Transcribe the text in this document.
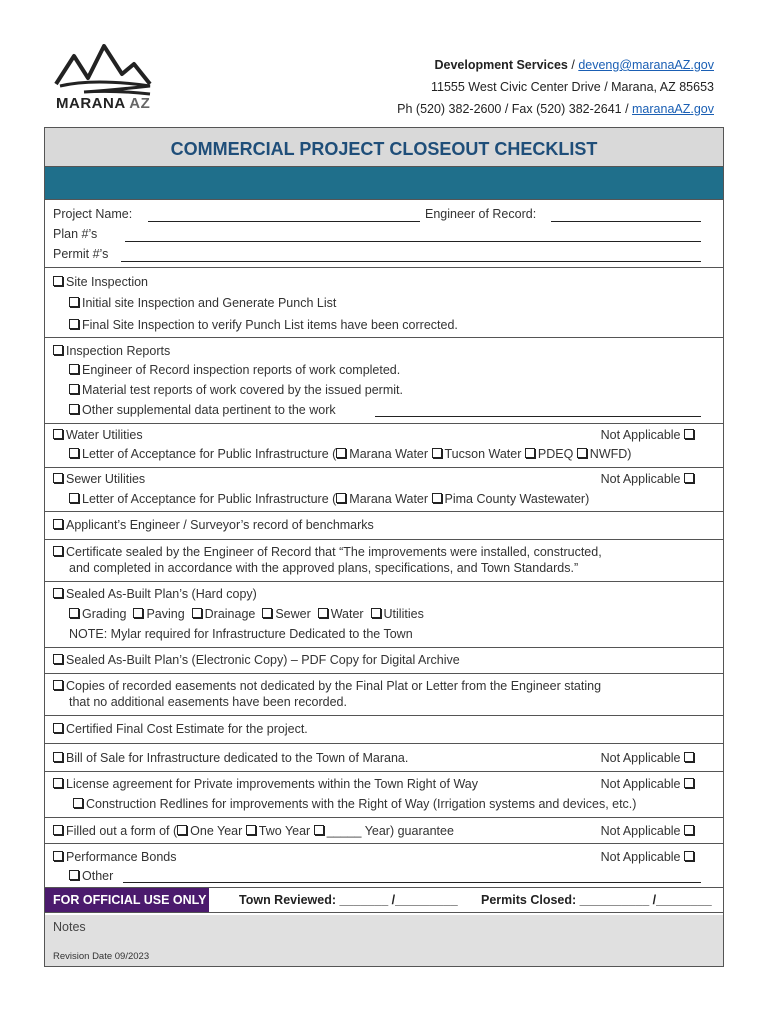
MARANA AZ
Development Services / deveng@maranaAZ.gov
11555 West Civic Center Drive / Marana, AZ 85653
Ph (520) 382-2600 / Fax (520) 382-2641 / maranaAZ.gov
COMMERCIAL PROJECT CLOSEOUT CHECKLIST
Project Name:	Engineer of Record:
Plan #’s
Permit #’s
Site Inspection
Initial site Inspection and Generate Punch List
Final Site Inspection to verify Punch List items have been corrected.
Inspection Reports
Engineer of Record inspection reports of work completed.
Material test reports of work covered by the issued permit.
Other supplemental data pertinent to the work
Water Utilities	Not Applicable
Letter of Acceptance for Public Infrastructure ( Marana Water Tucson Water PDEQ NWFD)
Sewer Utilities	Not Applicable
Letter of Acceptance for Public Infrastructure ( Marana Water Pima County Wastewater)
Applicant’s Engineer / Surveyor’s record of benchmarks
Certificate sealed by the Engineer of Record that “The improvements were installed, constructed,
and completed in accordance with the approved plans, specifications, and Town Standards.”
Sealed As-Built Plan’s (Hard copy)
Grading Paving Drainage Sewer Water Utilities
NOTE: Mylar required for Infrastructure Dedicated to the Town
Sealed As-Built Plan’s (Electronic Copy) – PDF Copy for Digital Archive
Copies of recorded easements not dedicated by the Final Plat or Letter from the Engineer stating
that no additional easements have been recorded.
Certified Final Cost Estimate for the project.
Bill of Sale for Infrastructure dedicated to the Town of Marana.	Not Applicable
License agreement for Private improvements within the Town Right of Way	Not Applicable
Construction Redlines for improvements with the Right of Way (Irrigation systems and devices, etc.)
Filled out a form of ( One Year Two Year _____ Year) guarantee	Not Applicable
Performance Bonds	Not Applicable
Other
FOR OFFICIAL USE ONLY	Town Reviewed: _______ /_________ Permits Closed: __________ /________
Notes
Revision Date 09/2023
